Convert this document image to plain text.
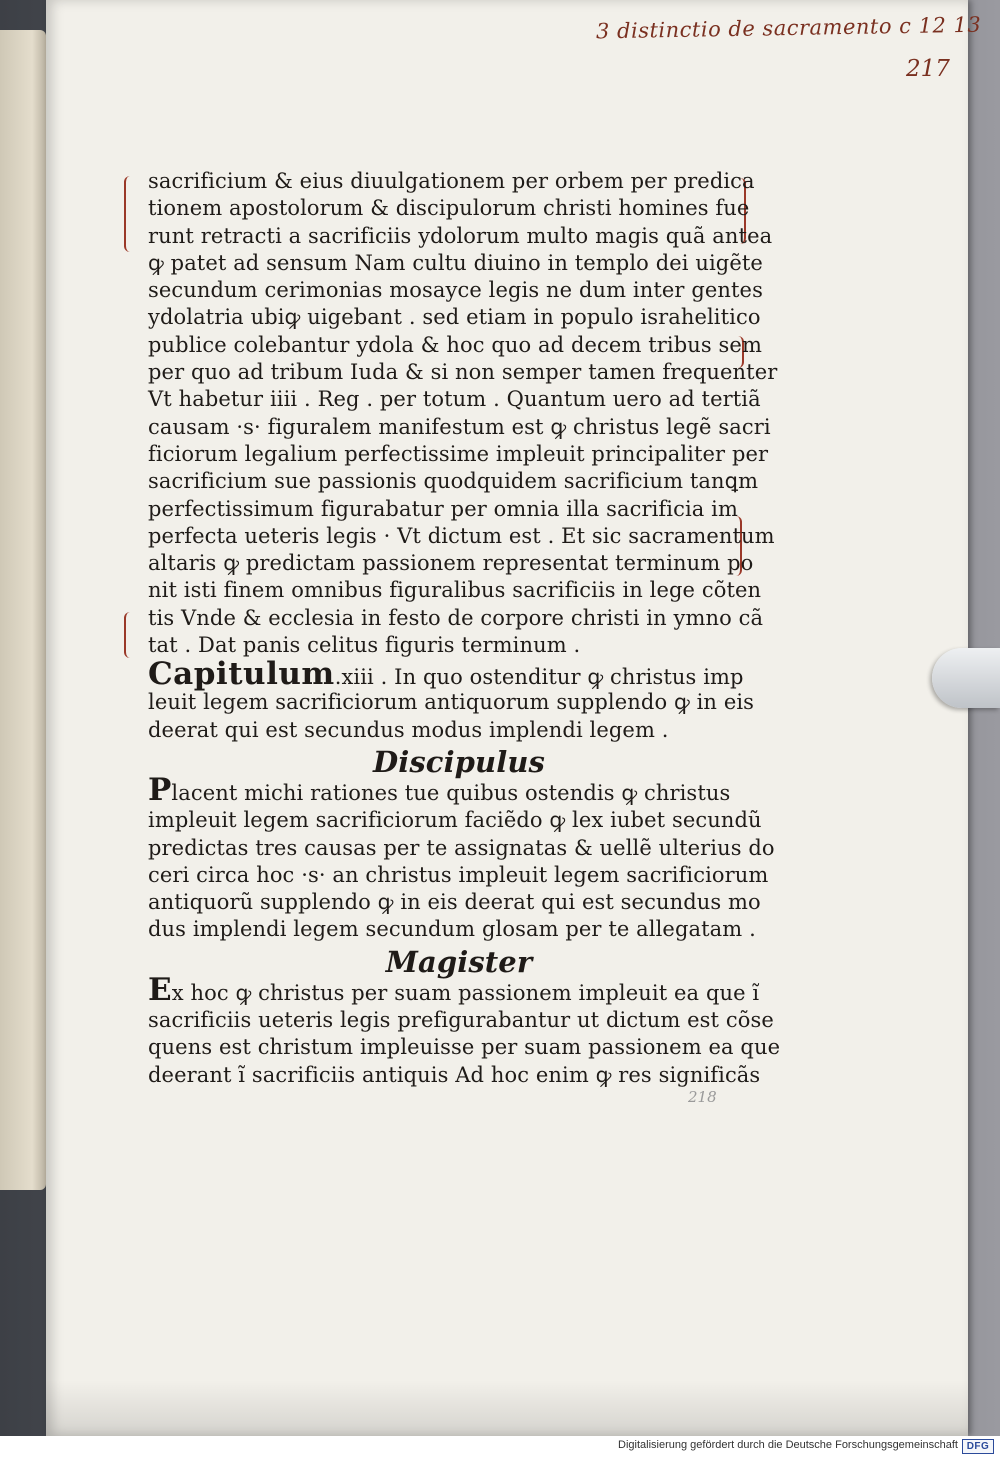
3 distinctio de sacramento c 12 13
217
218
sacrificium & eius diuulgationem per orbem per predica
tionem apostolorum & discipulorum christi homines fue
runt retracti a sacrificiis ydolorum multo magis quã antea
ꝙ patet ad sensum Nam cultu diuino in templo dei uigẽte
secundum cerimonias mosayce legis ne dum inter gentes
ydolatria ubiꝙ uigebant . sed etiam in populo israhelitico
publice colebantur ydola & hoc quo ad decem tribus sem
per quo ad tribum Iuda & si non semper tamen frequenter
Vt habetur iiii . Reg . per totum . Quantum uero ad tertiã
causam ·s· figuralem manifestum est ꝙ christus legẽ sacri
ficiorum legalium perfectissime impleuit principaliter per
sacrificium sue passionis quodquidem sacrificium tanꝗm
perfectissimum figurabatur per omnia illa sacrificia im
perfecta ueteris legis · Vt dictum est . Et sic sacramentum
altaris ꝙ predictam passionem representat terminum po
nit isti finem omnibus figuralibus sacrificiis in lege cõten
tis Vnde & ecclesia in festo de corpore christi in ymno cã
tat . Dat panis celitus figuris terminum .
Capitulum.xiii . In quo ostenditur ꝙ christus imp
leuit legem sacrificiorum antiquorum supplendo ꝙ in eis
deerat qui est secundus modus implendi legem .
Discipulus
Placent michi rationes tue quibus ostendis ꝙ christus
impleuit legem sacrificiorum faciẽdo ꝙ lex iubet secundũ
predictas tres causas per te assignatas & uellẽ ulterius do
ceri circa hoc ·s· an christus impleuit legem sacrificiorum
antiquorũ supplendo ꝙ in eis deerat qui est secundus mo
dus implendi legem secundum glosam per te allegatam .
Magister
Ex hoc ꝙ christus per suam passionem impleuit ea que ĩ
sacrificiis ueteris legis prefigurabantur ut dictum est cõse
quens est christum impleuisse per suam passionem ea que
deerant ĩ sacrificiis antiquis Ad hoc enim ꝙ res significãs
Digitalisierung gefördert durch die Deutsche Forschungsgemeinschaft DFG
